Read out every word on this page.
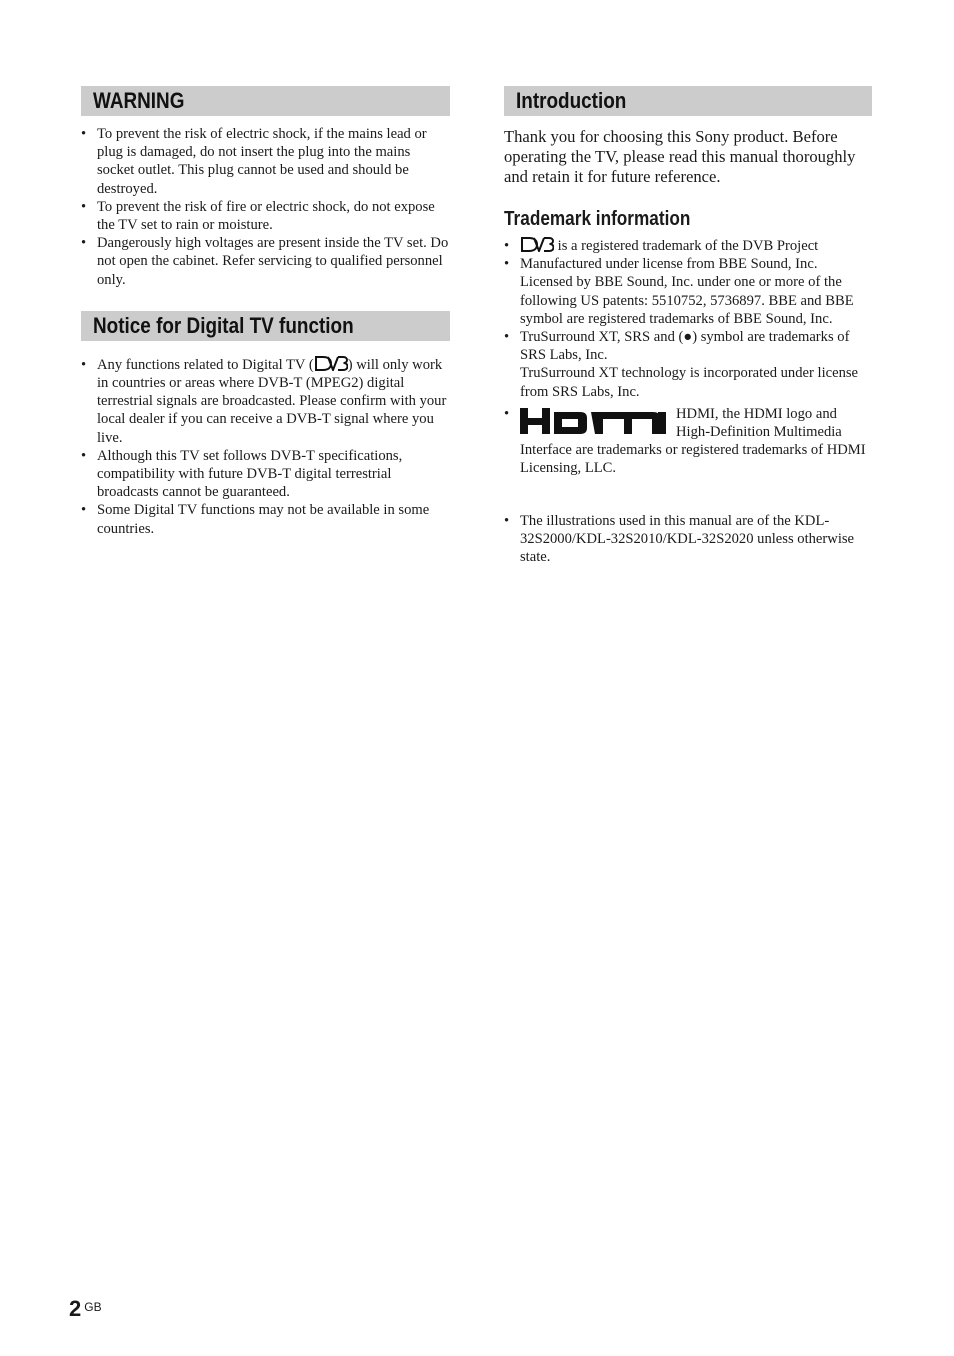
WARNING
• To prevent the risk of electric shock, if the mains lead or plug is damaged, do not insert the plug into the mains socket outlet. This plug cannot be used and should be destroyed.
• To prevent the risk of fire or electric shock, do not expose the TV set to rain or moisture.
• Dangerously high voltages are present inside the TV set. Do not open the cabinet. Refer servicing to qualified personnel only.
Notice for Digital TV function
• Any functions related to Digital TV ( ) will only work in countries or areas where DVB-T (MPEG2) digital terrestrial signals are broadcasted. Please confirm with your local dealer if you can receive a DVB-T signal where you live.
• Although this TV set follows DVB-T specifications, compatibility with future DVB-T digital terrestrial broadcasts cannot be guaranteed.
• Some Digital TV functions may not be available in some countries.
Introduction
Thank you for choosing this Sony product. Before operating the TV, please read this manual thoroughly and retain it for future reference.
Trademark information
• is a registered trademark of the DVB Project
• Manufactured under license from BBE Sound, Inc. Licensed by BBE Sound, Inc. under one or more of the following US patents: 5510752, 5736897. BBE and BBE symbol are registered trademarks of BBE Sound, Inc.
• TruSurround XT, SRS and (●) symbol are trademarks of SRS Labs, Inc.
TruSurround XT technology is incorporated under license from SRS Labs, Inc.
• HDMI, the HDMI logo and High-Definition Multimedia Interface are trademarks or registered trademarks of HDMI Licensing, LLC.
• The illustrations used in this manual are of the KDL-32S2000/KDL-32S2010/KDL-32S2020 unless otherwise state.
2 $^{GB}$
